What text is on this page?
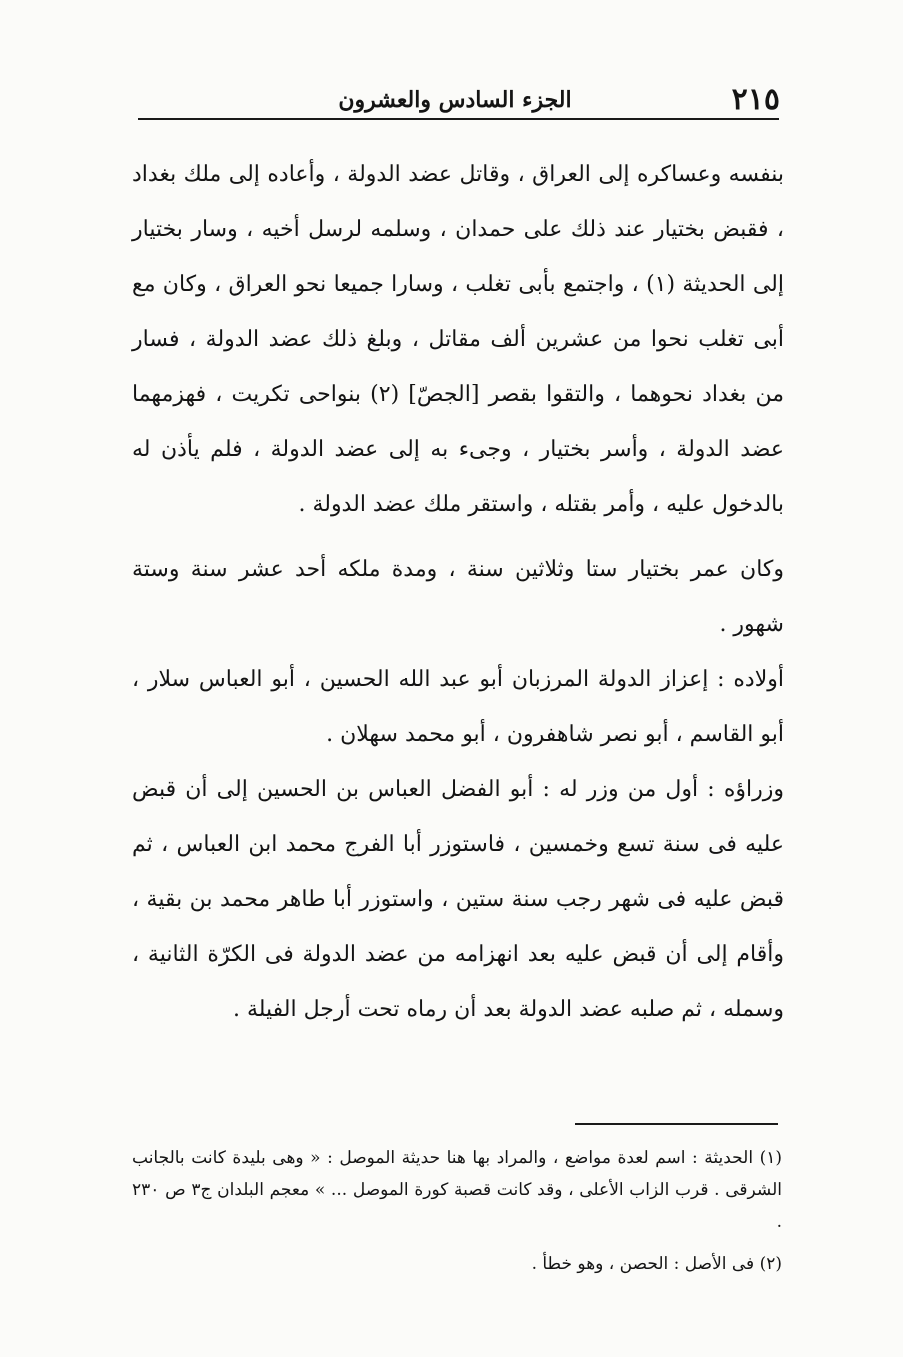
٢١٥
الجزء السادس والعشرون

بنفسه وعساكره إلى العراق ، وقاتل عضد الدولة ، وأعاده إلى ملك بغداد ، فقبض بختيار عند ذلك على حمدان ، وسلمه لرسل أخيه ، وسار بختيار إلى الحديثة (١) ، واجتمع بأبى تغلب ، وسارا جميعا نحو العراق ، وكان مع أبى تغلب نحوا من عشرين ألف مقاتل ، وبلغ ذلك عضد الدولة ، فسار من بغداد نحوهما ، والتقوا بقصر [الجصّ] (٢) بنواحى تكريت ، فهزمهما عضد الدولة ، وأسر بختيار ، وجىء به إلى عضد الدولة ، فلم يأذن له بالدخول عليه ، وأمر بقتله ، واستقر ملك عضد الدولة .

وكان عمر بختيار ستا وثلاثين سنة ، ومدة ملكه أحد عشر سنة وستة شهور .

أولاده : إعزاز الدولة المرزبان أبو عبد الله الحسين ، أبو العباس سلار ، أبو القاسم ، أبو نصر شاهفرون ، أبو محمد سهلان .

وزراؤه : أول من وزر له : أبو الفضل العباس بن الحسين إلى أن قبض عليه فى سنة تسع وخمسين ، فاستوزر أبا الفرج محمد ابن العباس ، ثم قبض عليه فى شهر رجب سنة ستين ، واستوزر أبا طاهر محمد بن بقية ، وأقام إلى أن قبض عليه بعد انهزامه من عضد الدولة فى الكرّة الثانية ، وسمله ، ثم صلبه عضد الدولة بعد أن رماه تحت أرجل الفيلة .

(١) الحديثة : اسم لعدة مواضع ، والمراد بها هنا حديثة الموصل : « وهى بليدة كانت بالجانب الشرقى . قرب الزاب الأعلى ، وقد كانت قصبة كورة الموصل ... » معجم البلدان ج٣ ص ٢٣٠ .

(٢) فى الأصل : الحصن ، وهو خطأ .
